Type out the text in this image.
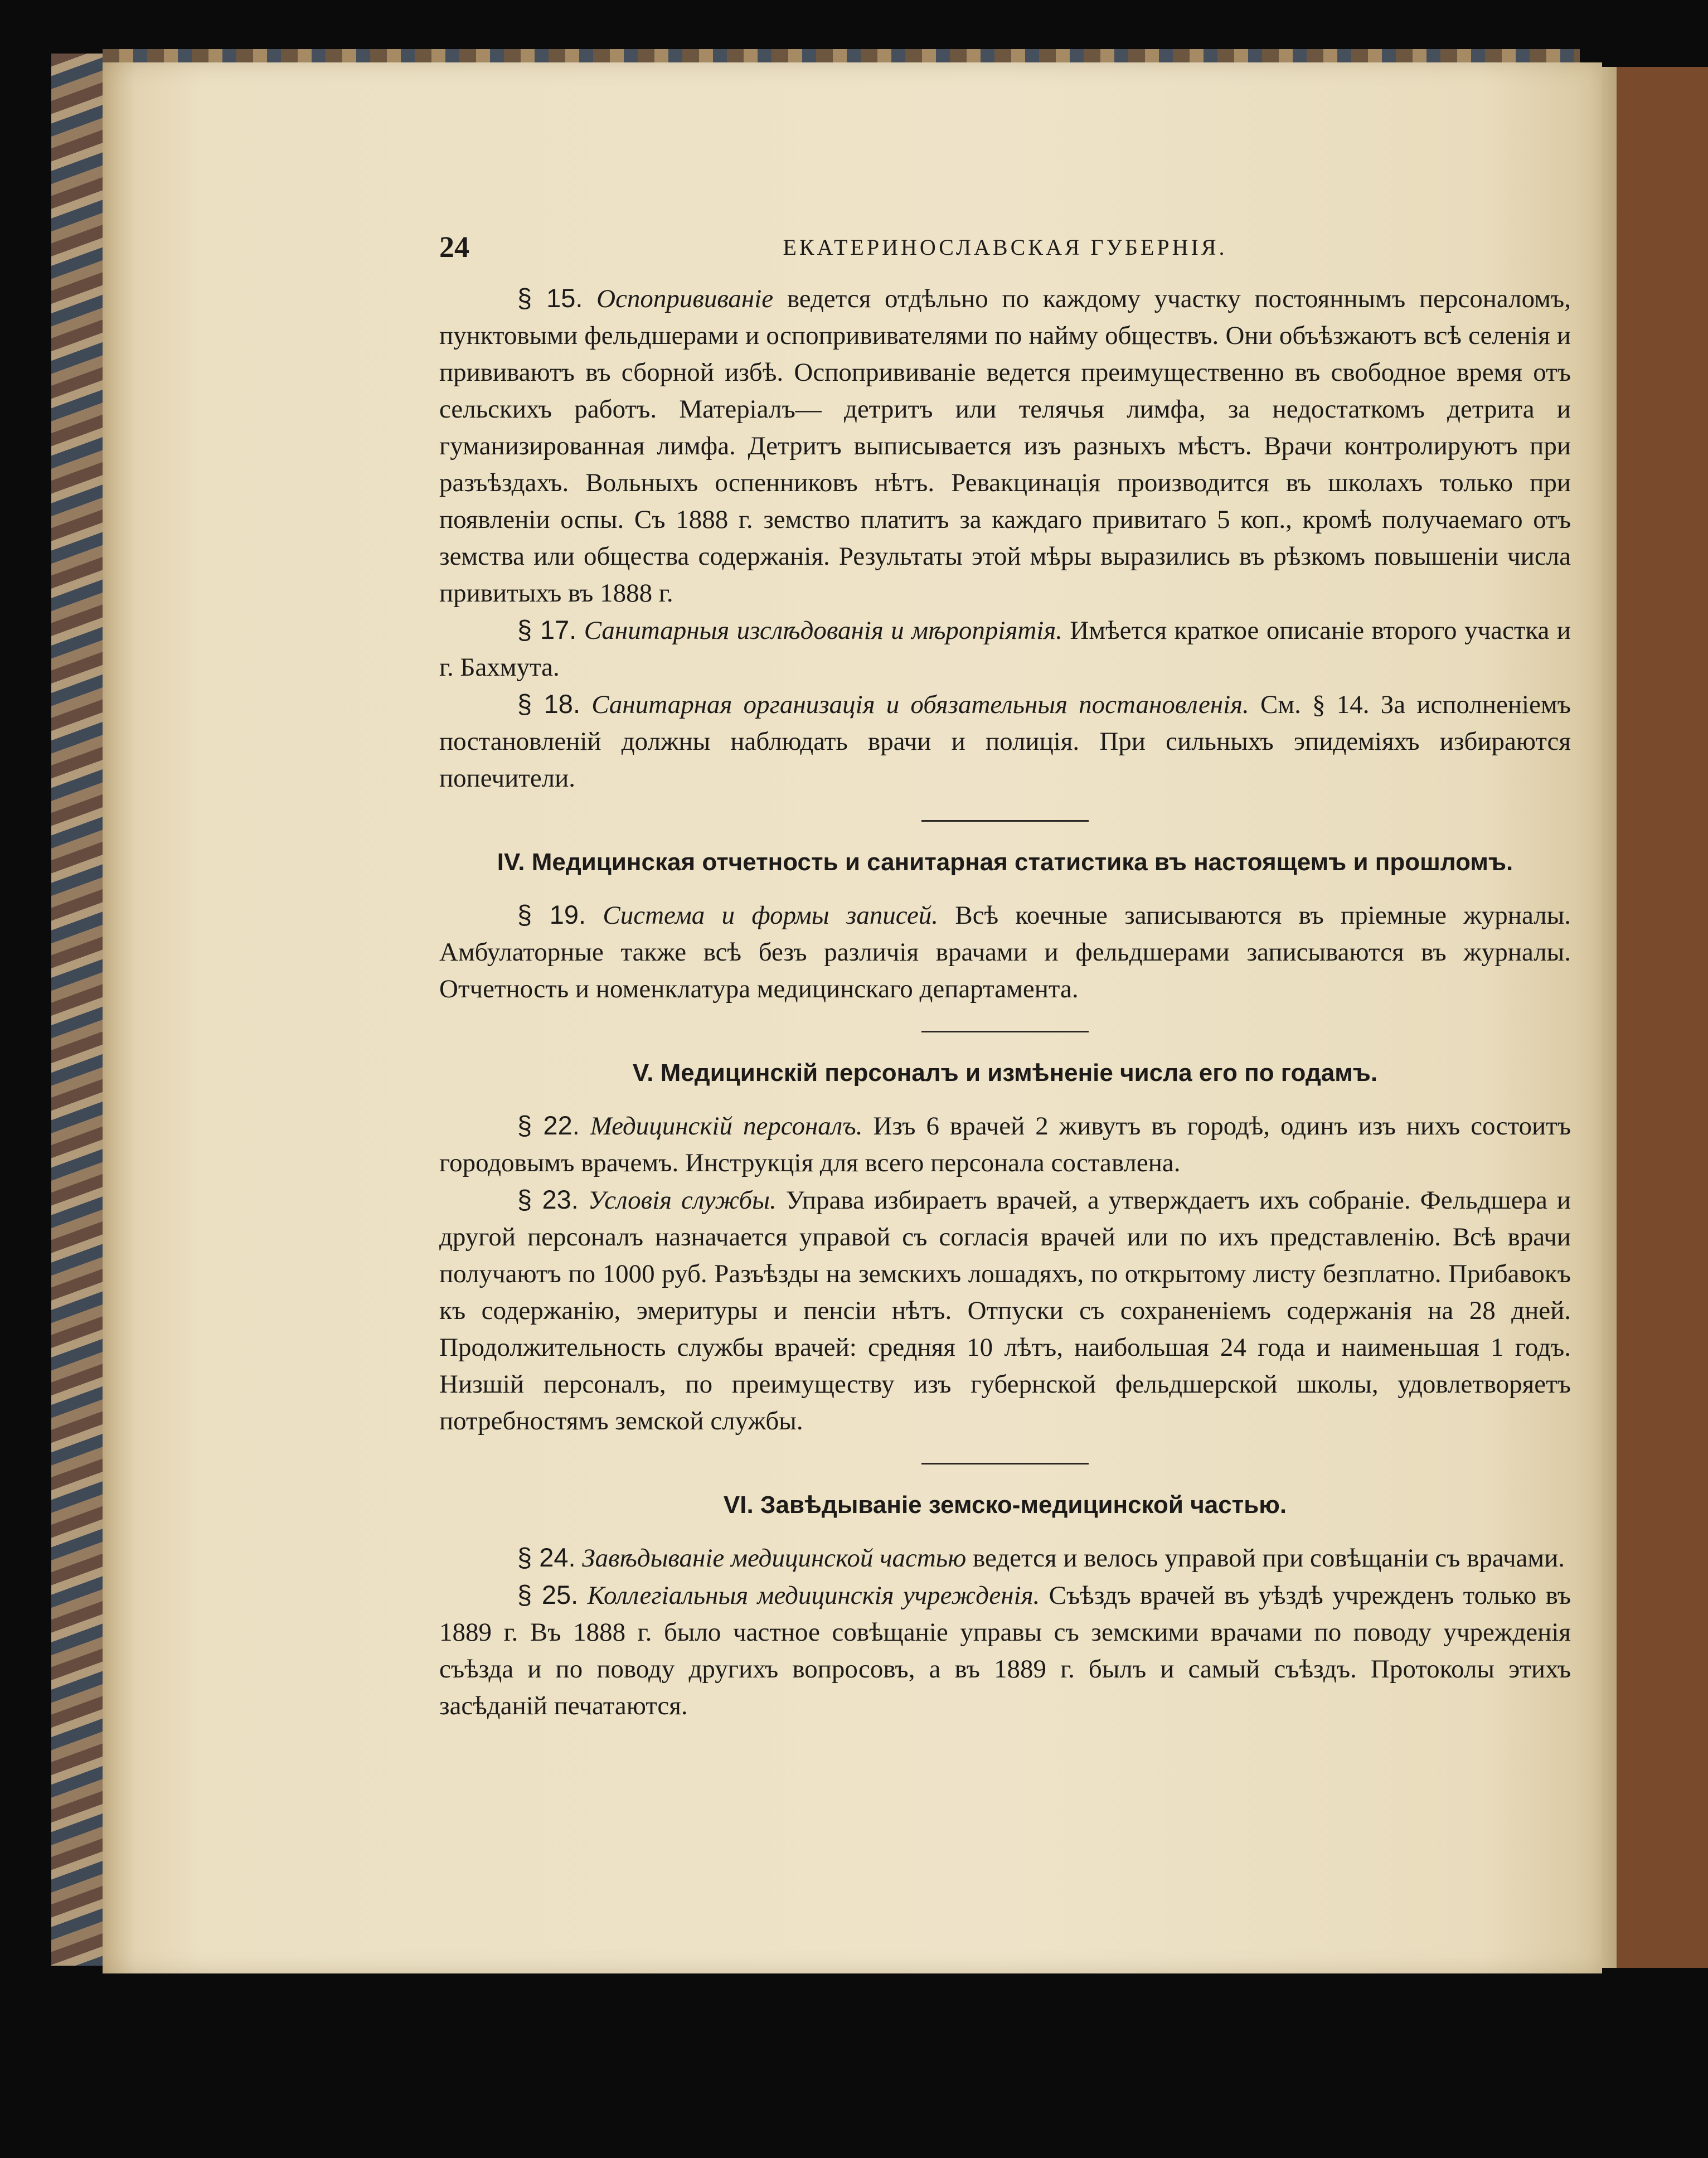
24	ЕКАТЕРИНОСЛАВСКАЯ ГУБЕРНІЯ.

§ 15. Оспопрививаніе ведется отдѣльно по каждому участку постояннымъ персоналомъ, пунктовыми фельдшерами и оспопрививателями по найму обществъ. Они объѣзжаютъ всѣ селенія и прививаютъ въ сборной избѣ. Оспопрививаніе ведется преимущественно въ свободное время отъ сельскихъ работъ. Матеріалъ— детритъ или телячья лимфа, за недостаткомъ детрита и гуманизированная лимфа. Детритъ выписывается изъ разныхъ мѣстъ. Врачи контролируютъ при разъѣздахъ. Вольныхъ оспенниковъ нѣтъ. Ревакцинація производится въ школахъ только при появленіи оспы. Съ 1888 г. земство платитъ за каждаго привитаго 5 коп., кромѣ получаемаго отъ земства или общества содержанія. Результаты этой мѣры выразились въ рѣзкомъ повышеніи числа привитыхъ въ 1888 г.

§ 17. Санитарныя изслѣдованія и мѣропріятія. Имѣется краткое описаніе второго участка и г. Бахмута.

§ 18. Санитарная организація и обязательныя постановленія. См. § 14. За исполненіемъ постановленій должны наблюдать врачи и полиція. При сильныхъ эпидеміяхъ избираются попечители.

IV. Медицинская отчетность и санитарная статистика въ настоящемъ и прошломъ.

§ 19. Система и формы записей. Всѣ коечные записываются въ пріемные журналы. Амбулаторные также всѣ безъ различія врачами и фельдшерами записываются въ журналы. Отчетность и номенклатура медицинскаго департамента.

V. Медицинскій персоналъ и измѣненіе числа его по годамъ.

§ 22. Медицинскій персоналъ. Изъ 6 врачей 2 живутъ въ городѣ, одинъ изъ нихъ состоитъ городовымъ врачемъ. Инструкція для всего персонала составлена.

§ 23. Условія службы. Управа избираетъ врачей, а утверждаетъ ихъ собраніе. Фельдшера и другой персоналъ назначается управой съ согласія врачей или по ихъ представленію. Всѣ врачи получаютъ по 1000 руб. Разъѣзды на земскихъ лошадяхъ, по открытому листу безплатно. Прибавокъ къ содержанію, эмеритуры и пенсіи нѣтъ. Отпуски съ сохраненіемъ содержанія на 28 дней. Продолжительность службы врачей: средняя 10 лѣтъ, наибольшая 24 года и наименьшая 1 годъ. Низшій персоналъ, по преимуществу изъ губернской фельдшерской школы, удовлетворяетъ потребностямъ земской службы.

VI. Завѣдываніе земско-медицинской частью.

§ 24. Завѣдываніе медицинской частью ведется и велось управой при совѣщаніи съ врачами.

§ 25. Коллегіальныя медицинскія учрежденія. Съѣздъ врачей въ уѣздѣ учрежденъ только въ 1889 г. Въ 1888 г. было частное совѣщаніе управы съ земскими врачами по поводу учрежденія съѣзда и по поводу другихъ вопросовъ, а въ 1889 г. былъ и самый съѣздъ. Протоколы этихъ засѣданій печатаются.
